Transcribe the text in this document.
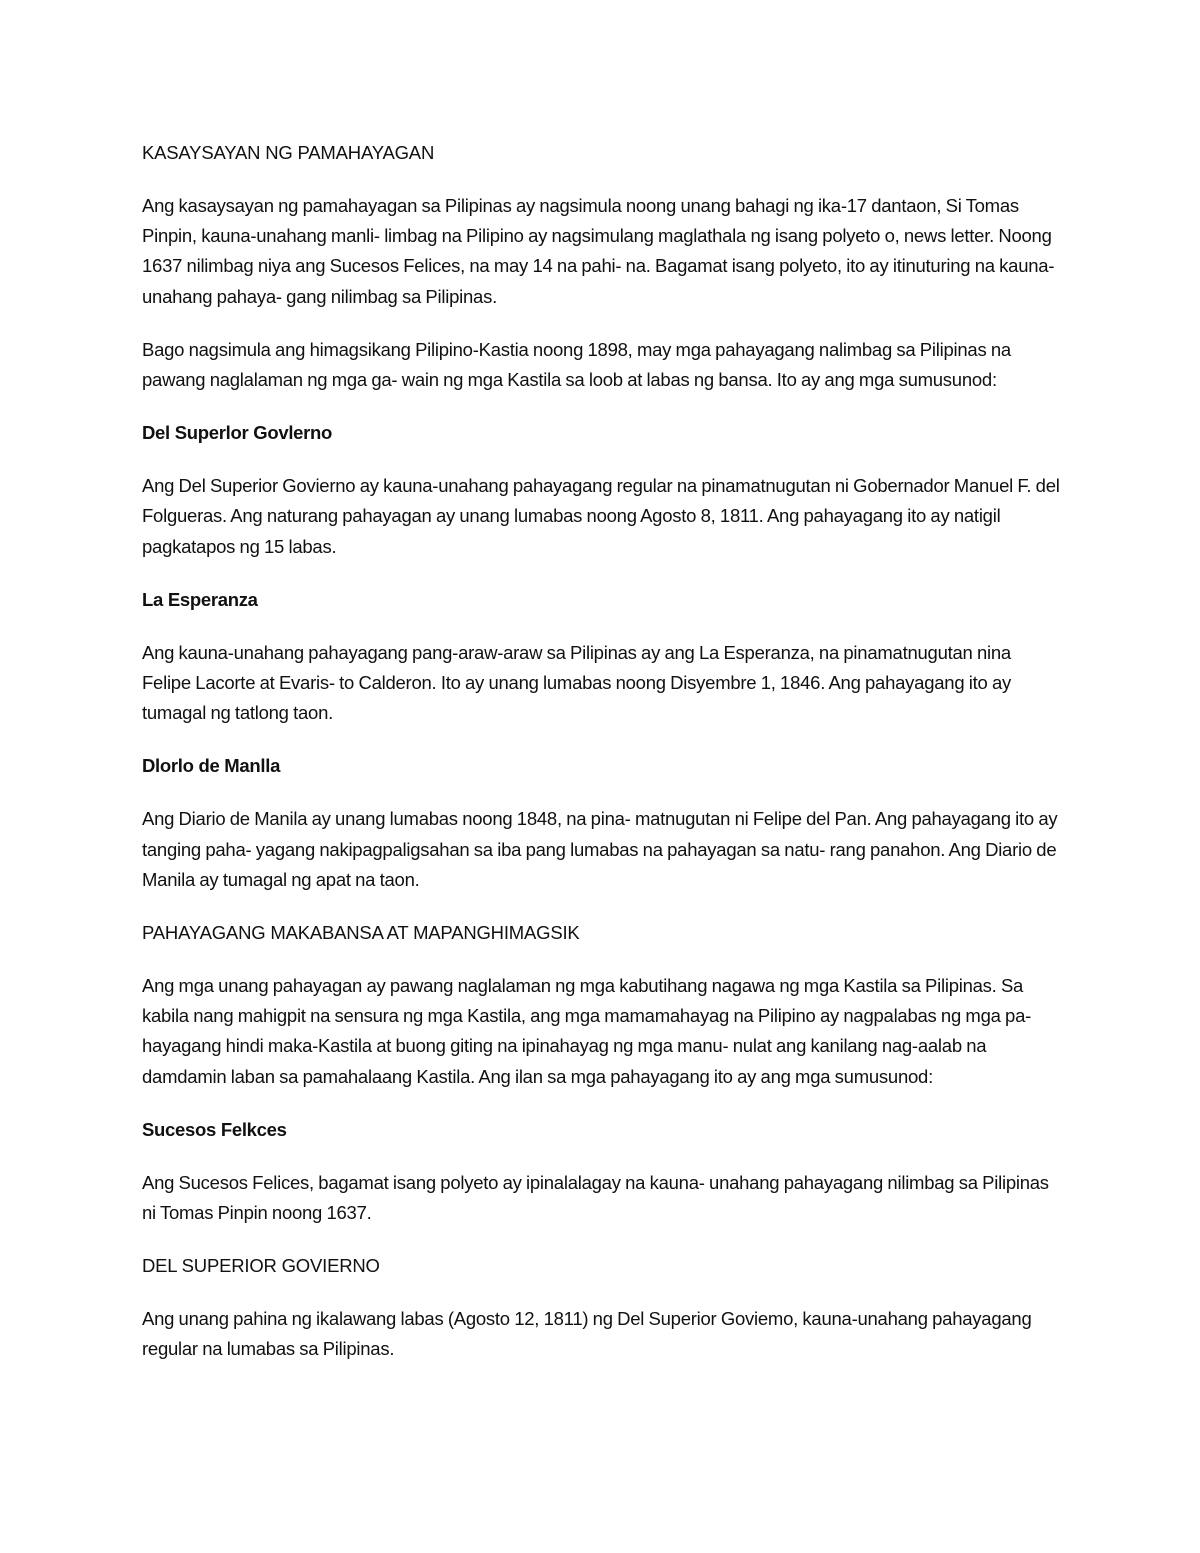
KASAYSAYAN NG PAMAHAYAGAN

Ang kasaysayan ng pamahayagan sa Pilipinas ay nagsimula noong unang bahagi ng ika-17 dantaon, Si Tomas Pinpin, kauna-unahang manli- limbag na Pilipino ay nagsimulang maglathala ng isang polyeto o, news letter. Noong 1637 nilimbag niya ang Sucesos Felices, na may 14 na pahi- na. Bagamat isang polyeto, ito ay itinuturing na kauna-unahang pahaya- gang nilimbag sa Pilipinas.

Bago nagsimula ang himagsikang Pilipino-Kastia noong 1898, may mga pahayagang nalimbag sa Pilipinas na pawang naglalaman ng mga ga- wain ng mga Kastila sa loob at labas ng bansa. Ito ay ang mga sumusunod:

Del Superlor Govlerno

Ang Del Superior Govierno ay kauna-unahang pahayagang regular na pinamatnugutan ni Gobernador Manuel F. del Folgueras. Ang naturang pahayagan ay unang lumabas noong Agosto 8, 1811. Ang pahayagang ito ay natigil pagkatapos ng 15 labas.

La Esperanza

Ang kauna-unahang pahayagang pang-araw-araw sa Pilipinas ay ang La Esperanza, na pinamatnugutan nina Felipe Lacorte at Evaris- to Calderon. Ito ay unang lumabas noong Disyembre 1, 1846. Ang pahayagang ito ay tumagal ng tatlong taon.

Dlorlo de Manlla

Ang Diario de Manila ay unang lumabas noong 1848, na pina- matnugutan ni Felipe del Pan. Ang pahayagang ito ay tanging paha- yagang nakipagpaligsahan sa iba pang lumabas na pahayagan sa natu- rang panahon. Ang Diario de Manila ay tumagal ng apat na taon.

PAHAYAGANG MAKABANSA AT MAPANGHIMAGSIK

Ang mga unang pahayagan ay pawang naglalaman ng mga kabutihang nagawa ng mga Kastila sa Pilipinas. Sa kabila nang mahigpit na sensura ng mga Kastila, ang mga mamamahayag na Pilipino ay nagpalabas ng mga pa- hayagang hindi maka-Kastila at buong giting na ipinahayag ng mga manu- nulat ang kanilang nag-aalab na damdamin laban sa pamahalaang Kastila. Ang ilan sa mga pahayagang ito ay ang mga sumusunod:

Sucesos Felkces

Ang Sucesos Felices, bagamat isang polyeto ay ipinalalagay na kauna- unahang pahayagang nilimbag sa Pilipinas ni Tomas Pinpin noong 1637.

DEL SUPERIOR GOVIERNO

Ang unang pahina ng ikalawang labas (Agosto 12, 1811) ng Del Superior Goviemo, kauna-unahang pahayagang regular na lumabas sa Pilipinas.
